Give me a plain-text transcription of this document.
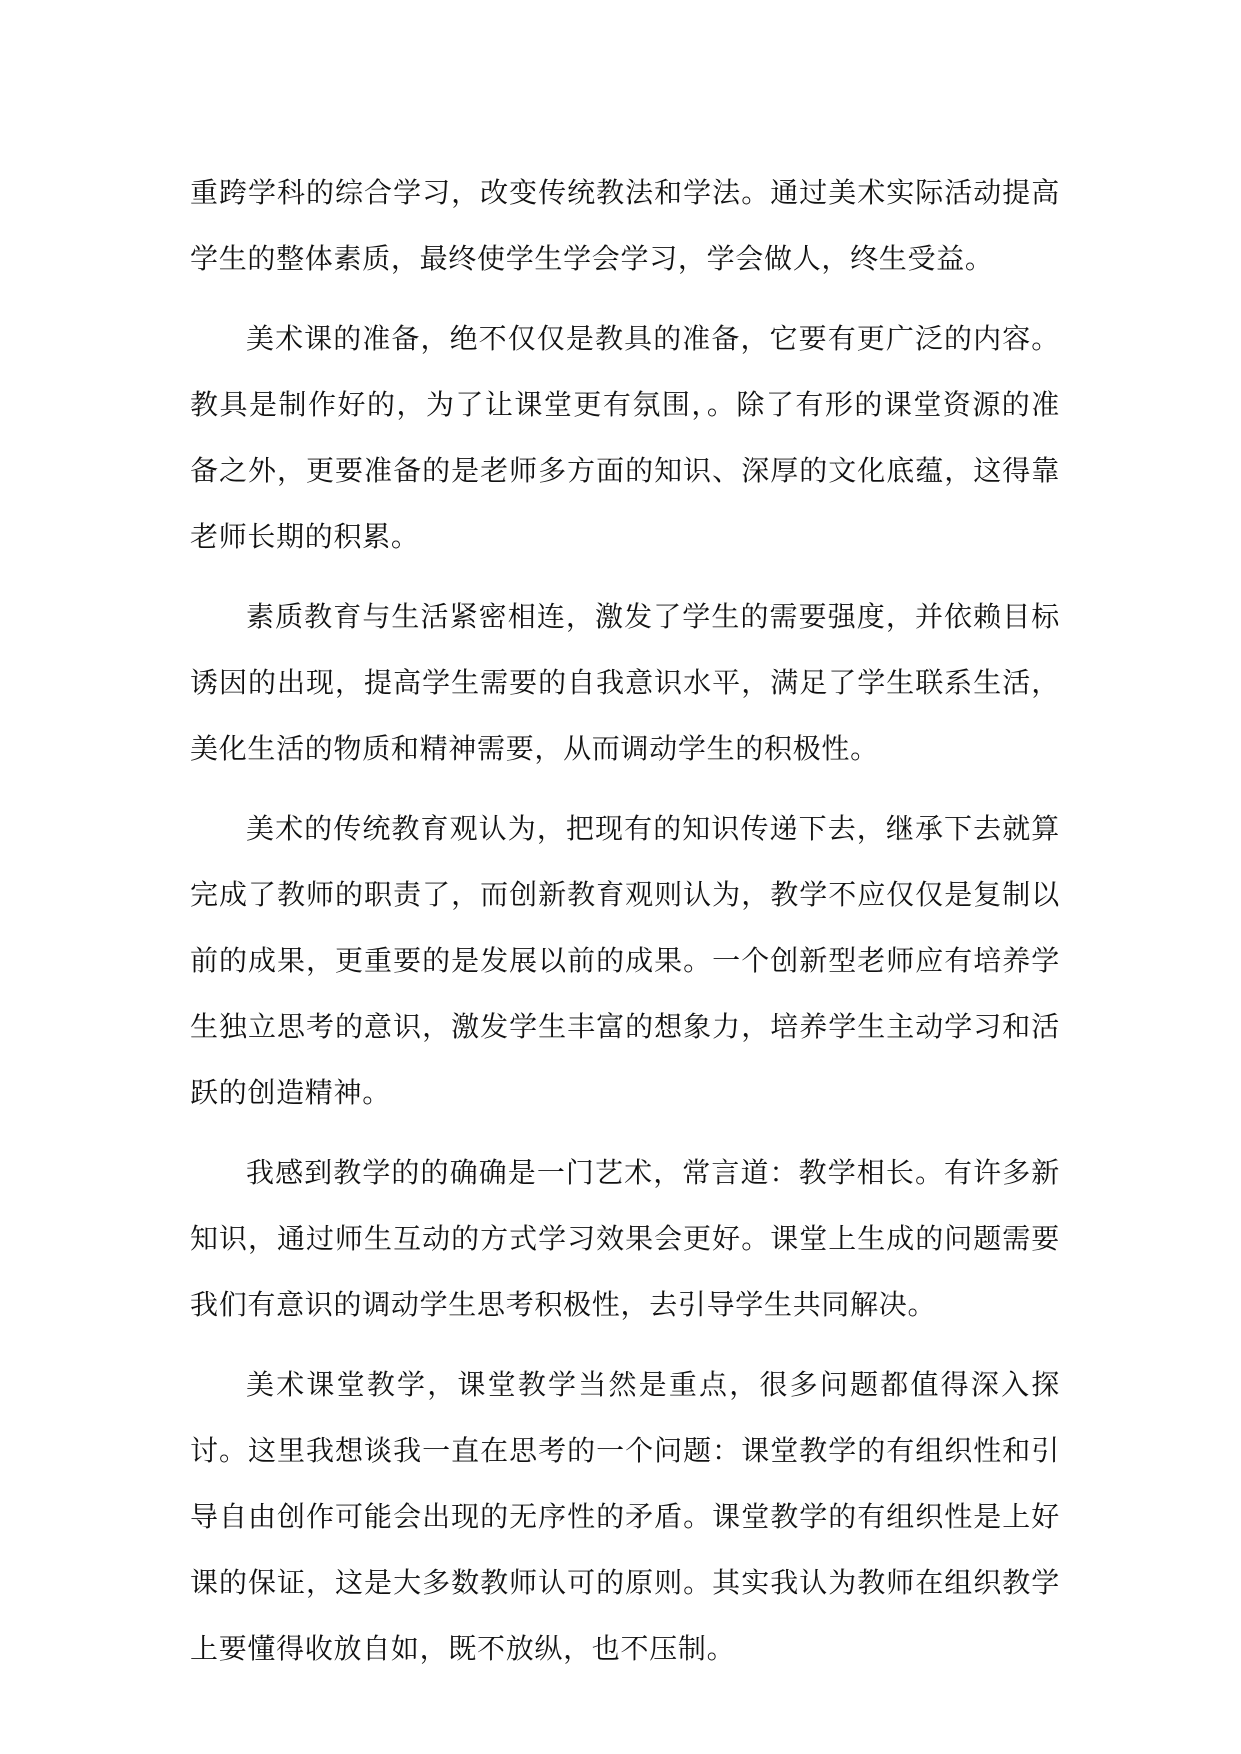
重跨学科的综合学习，改变传统教法和学法。通过美术实际活动提高学生的整体素质，最终使学生学会学习，学会做人，终生受益。

美术课的准备，绝不仅仅是教具的准备，它要有更广泛的内容。教具是制作好的，为了让课堂更有氛围，。除了有形的课堂资源的准备之外，更要准备的是老师多方面的知识、深厚的文化底蕴，这得靠老师长期的积累。

素质教育与生活紧密相连，激发了学生的需要强度，并依赖目标诱因的出现，提高学生需要的自我意识水平，满足了学生联系生活，美化生活的物质和精神需要，从而调动学生的积极性。

美术的传统教育观认为，把现有的知识传递下去，继承下去就算完成了教师的职责了，而创新教育观则认为，教学不应仅仅是复制以前的成果，更重要的是发展以前的成果。一个创新型老师应有培养学生独立思考的意识，激发学生丰富的想象力，培养学生主动学习和活跃的创造精神。

我感到教学的的确确是一门艺术，常言道：教学相长。有许多新知识，通过师生互动的方式学习效果会更好。课堂上生成的问题需要我们有意识的调动学生思考积极性，去引导学生共同解决。

美术课堂教学，课堂教学当然是重点，很多问题都值得深入探讨。这里我想谈我一直在思考的一个问题：课堂教学的有组织性和引导自由创作可能会出现的无序性的矛盾。课堂教学的有组织性是上好课的保证，这是大多数教师认可的原则。其实我认为教师在组织教学上要懂得收放自如，既不放纵，也不压制。
